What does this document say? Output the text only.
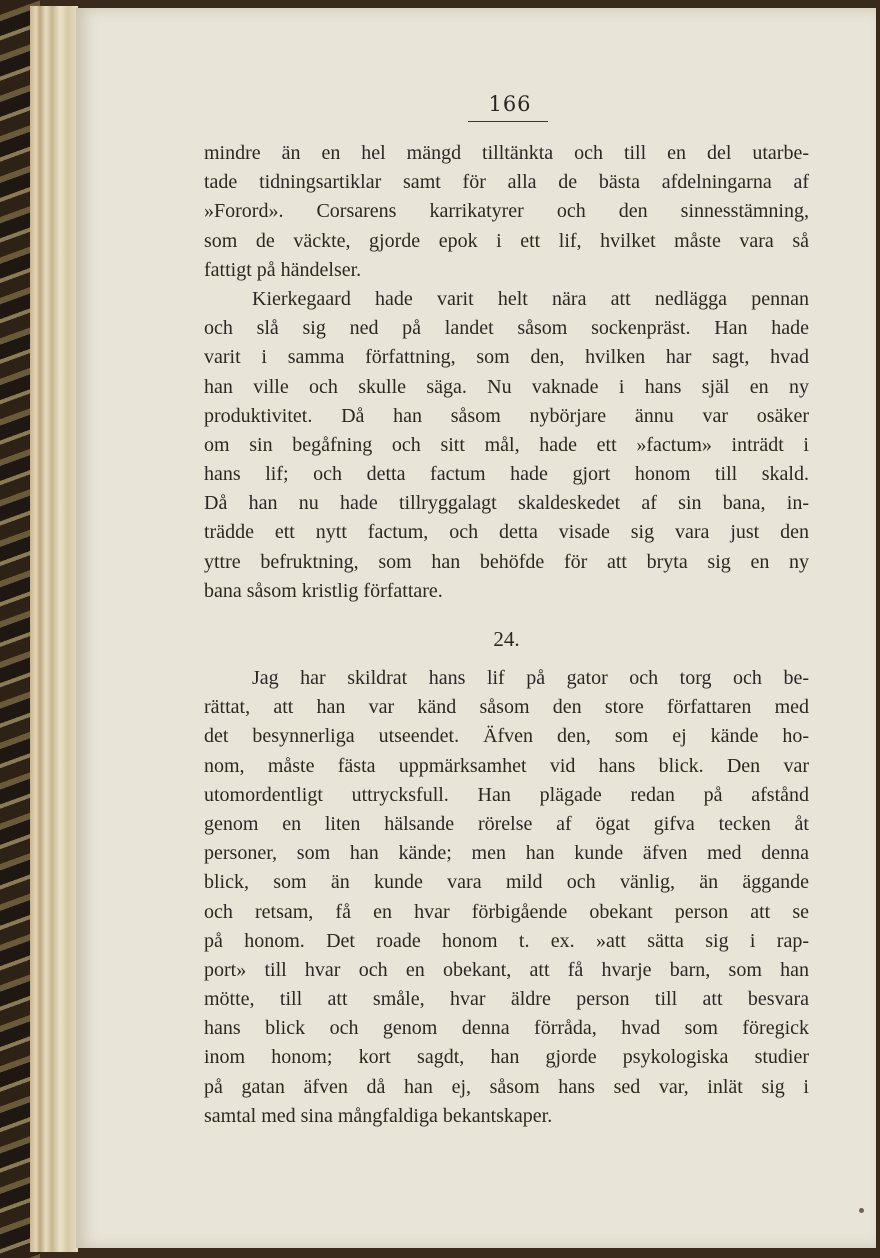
166
mindre än en hel mängd tilltänkta och till en del utarbe-
tade tidningsartiklar samt för alla de bästa afdelningarna af
»Forord». Corsarens karrikatyrer och den sinnesstämning,
som de väckte, gjorde epok i ett lif, hvilket måste vara så
fattigt på händelser.
Kierkegaard hade varit helt nära att nedlägga pennan
och slå sig ned på landet såsom sockenpräst. Han hade
varit i samma författning, som den, hvilken har sagt, hvad
han ville och skulle säga. Nu vaknade i hans själ en ny
produktivitet. Då han såsom nybörjare ännu var osäker
om sin begåfning och sitt mål, hade ett »factum» inträdt i
hans lif; och detta factum hade gjort honom till skald.
Då han nu hade tillryggalagt skaldeskedet af sin bana, in-
trädde ett nytt factum, och detta visade sig vara just den
yttre befruktning, som han behöfde för att bryta sig en ny
bana såsom kristlig författare.
24.
Jag har skildrat hans lif på gator och torg och be-
rättat, att han var känd såsom den store författaren med
det besynnerliga utseendet. Äfven den, som ej kände ho-
nom, måste fästa uppmärksamhet vid hans blick. Den var
utomordentligt uttrycksfull. Han plägade redan på afstånd
genom en liten hälsande rörelse af ögat gifva tecken åt
personer, som han kände; men han kunde äfven med denna
blick, som än kunde vara mild och vänlig, än äggande
och retsam, få en hvar förbigående obekant person att se
på honom. Det roade honom t. ex. »att sätta sig i rap-
port» till hvar och en obekant, att få hvarje barn, som han
mötte, till att småle, hvar äldre person till att besvara
hans blick och genom denna förråda, hvad som föregick
inom honom; kort sagdt, han gjorde psykologiska studier
på gatan äfven då han ej, såsom hans sed var, inlät sig i
samtal med sina mångfaldiga bekantskaper.
